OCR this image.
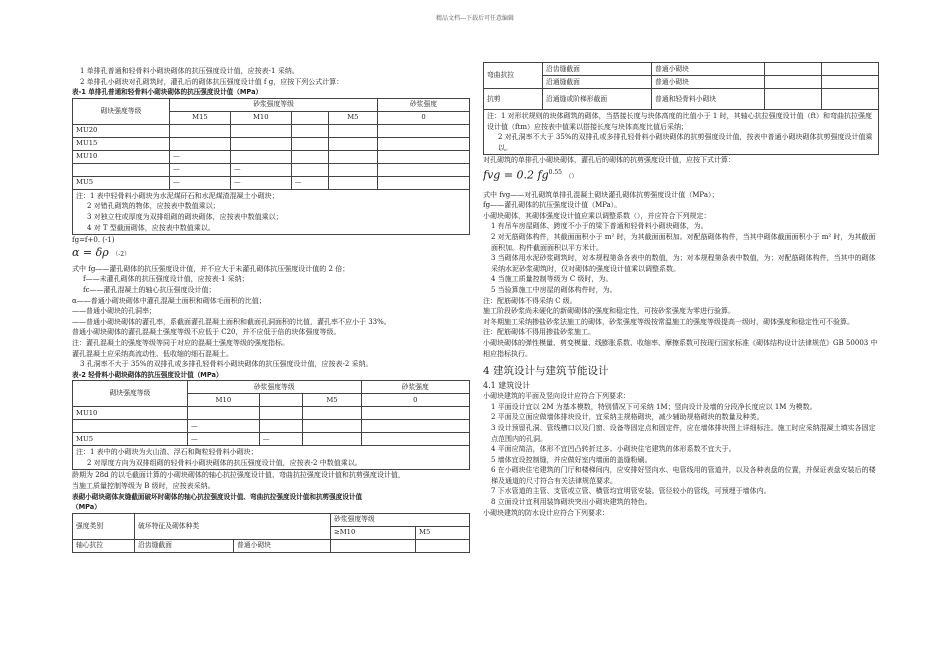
精品文档---下载后可任意编辑

1 单排孔普通和轻骨料小砌块砌体的抗压强度设计值，应按表-1 采纳。

2 单排孔小砌块对孔砌筑时，灌孔后的砌体抗压强度设计值 f g，应按下列公式计算：

表-1 单排孔普通和轻骨料小砌块砌体的抗压强度设计值（MPa）

砌块强度等级	砂浆强度等级				砂浆强度
	M15	M10		M5	0
MU20					
MU15					
MU10	—				
	—	—			
MU5	—	—	—		

注：1 表中轻骨料小砌块为水泥煤矸石和水泥煤渣混凝土小砌块；

2 对错孔砌筑的物体，应按表中数值乘以；

3 对独立柱或厚度为双排组砌的砌块砌体，应按表中数值乘以；

4 对 T 型截面砌体，应按表中数值乘以。

fg=f+0. (-1)

α = δρ （-2）

式中 fg——灌孔砌体的抗压强度设计值，并不应大于未灌孔砌体抗压强度设计值的 2 倍；

f——未灌孔砌体的抗压强度设计值，应按表-1 采纳；

fc——灌孔混凝土的轴心抗压强度设计值；

α——普通小砌块砌体中灌孔混凝土面积和砌体毛面积的比值；

——普通小砌块的孔洞率；

——普通小砌块砌体的灌孔率，系截面灌孔混凝土面积和截面孔洞面积的比值，灌孔率不应小于 33%。

普通小砌块砌体的灌孔混凝土强度等级不应低于 C20，并不应低于倍的块体强度等级。

注：灌孔混凝土的强度等级等同于对应的混凝土强度等级的强度指标。

灌孔混凝土应采纳高流动性、低收缩的细石混凝土。

3 孔洞率不大于 35%的双排孔或多排孔轻骨料小砌块砌体的抗压强度设计值，应按表-2 采纳。

表-2 轻骨料小砌块砌体的抗压强度设计值（MPa）

砌块强度等级	砂浆强度等级			砂浆强度
	M10		M5	0
MU10				
	—			
MU5	—	—		

注：1 表中的小砌块为火山渣、浮石和陶粒轻骨料小砌块；

2 对厚度方向为双排组砌的轻骨料小砌块砌体的抗压强度设计值，应按表-2 中数值乘以。

龄期为 28d 的以毛截面计算的小砌块砌体的轴心抗拉强度设计值、弯曲抗拉强度设计值和抗剪强度设计值，

当施工质量控制等级为 B 级时，应按表采纳。

表砌小砌块砌体灰缝截面破坏时砌体的轴心抗拉强度设计值、弯曲抗拉强度设计值和抗剪强度设计值

（MPa）

强度类别	破坏特征及砌体种类		砂浆强度等级	
			≥M10	M5
轴心抗拉	沿齿缝截面	普通小砌块		
弯曲抗拉	沿齿缝截面	普通小砌块		
	沿通缝截面	普通小砌块		
抗剪	沿通缝或阶梯形截面	普通和轻骨料小砌块		

注：1 对形状规则的块体砌筑的砌体，当搭接长度与块体高度的比值小于 1 时，其轴心抗拉强度设计值（ft）和弯曲抗拉强度设计值（ftm）应按表中值乘以搭接长度与块体高度比值后采纳；

2 对孔洞率不大于 35%的双排孔或多排孔轻骨料小砌块砌体的抗剪强度设计值，按表中普通小砌块砌体抗剪强度设计值乘以。

对孔砌筑的单排孔小砌块砌体，灌孔后的砌体的抗剪强度设计值，应按下式计算：

fvg = 0.2 $fg^{0.55}$ （）

式中 fvg——对孔砌筑单排孔混凝土砌块灌孔砌体抗剪强度设计值（MPa）；

fg——灌孔砌体的抗压强度设计值（MPa）。

小砌块砌体，其砌体强度设计值应乘以调整系数（），并应符合下列规定：

1 有吊车房屋砌体、跨度不小于的梁下普通和轻骨料小砌块砌体，为。

2 对无筋砌体构件，其截面面积小于 m² 时，为其截面面积加。对配筋砌体构件，当其中砌体截面面积小于 m² 时，为其截面面积加。构件截面面积以平方米计。

3 当砌体用水泥砂浆砌筑时，对本规程第条各表中的数值，为；对本规程第条表中数值，为；对配筋砌体构件，当其中的砌体采纳水泥砂浆砌筑时，仅对砌体的强度设计值乘以调整系数。

4 当施工质量控制等级为 C 级时，为。

5 当验算施工中房屋的砌体构件时，为。

注：配筋砌体不得采纳 C 级。

施工阶段砂浆尚未硬化的新砌砌体的强度和稳定性，可按砂浆强度为零进行验算。

对冬期施工采纳掺盐砂浆法施工的砌体，砂浆强度等级按常温施工的强度等级提高一级时，砌体强度和稳定性可不验算。

注：配筋砌体不得用掺盐砂浆施工。

小砌块砌体的弹性模量、剪变模量、线膨胀系数、收缩率、摩擦系数可按现行国家标准《砌体结构设计法律规范》GB 50003 中相应指标执行。

4 建筑设计与建筑节能设计
4.1 建筑设计

小砌块建筑的平面及竖向设计应符合下列要求：

1 平面设计宜以 2M 为基本模数，特别情况下可采纳 1M；竖向设计及墙的分段净长度应以 1M 为模数。

2 平面及立面应做墙体排块设计，宜采纳主规格砌块，减少辅助规格砌块的数量及种类。

3 设计预留孔洞、管线槽口以及门窗、设备等固定点和固定件，应在墙体排块图上详细标注。施工时应采纳混凝土填实各固定点范围内的孔洞。

4 平面应简洁，体形不宜凹凸转折过多。小砌块住宅建筑的体形系数不宜大于。

5 墙体宜设控制缝，并应做好室内墙面的盖缝粉刷。

6 在小砌块住宅建筑的门厅和楼梯间内，应安排好竖向水、电管线用的管道井，以及各种表盘的位置，并保证表盘安装后的楼梯及通道的尺寸符合有关法律规范要求。

7 下水管道的主管、支管或立管、横管均宜明管安装。管径较小的管线，可预埋于墙体内。

8 立面设计宜利用装饰砌块突出小砌块建筑的特色。

小砌块建筑的防水设计应符合下列要求：
